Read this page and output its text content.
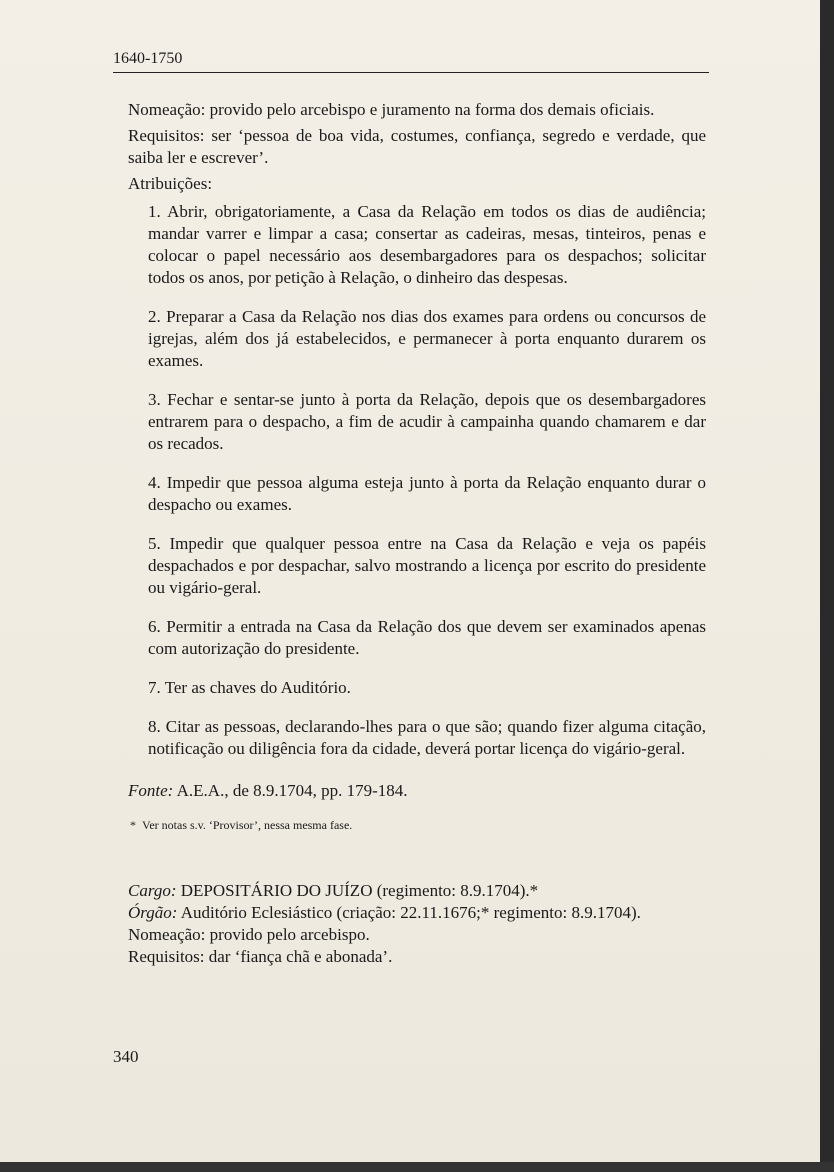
1640-1750

Nomeação: provido pelo arcebispo e juramento na forma dos demais oficiais.

Requisitos: ser ‘pessoa de boa vida, costumes, confiança, segredo e verdade, que saiba ler e escrever’.

Atribuições:

1. Abrir, obrigatoriamente, a Casa da Relação em todos os dias de audiência; mandar varrer e limpar a casa; consertar as cadeiras, mesas, tinteiros, penas e colocar o papel necessário aos desembargadores para os despachos; solicitar todos os anos, por petição à Relação, o dinheiro das despesas.

2. Preparar a Casa da Relação nos dias dos exames para ordens ou concursos de igrejas, além dos já estabelecidos, e permanecer à porta enquanto durarem os exames.

3. Fechar e sentar-se junto à porta da Relação, depois que os desembargadores entrarem para o despacho, a fim de acudir à campainha quando chamarem e dar os recados.

4. Impedir que pessoa alguma esteja junto à porta da Relação enquanto durar o despacho ou exames.

5. Impedir que qualquer pessoa entre na Casa da Relação e veja os papéis despachados e por despachar, salvo mostrando a licença por escrito do presidente ou vigário-geral.

6. Permitir a entrada na Casa da Relação dos que devem ser examinados apenas com autorização do presidente.

7. Ter as chaves do Auditório.

8. Citar as pessoas, declarando-lhes para o que são; quando fizer alguma citação, notificação ou diligência fora da cidade, deverá portar licença do vigário-geral.

Fonte: A.E.A., de 8.9.1704, pp. 179-184.

* Ver notas s.v. ‘Provisor’, nessa mesma fase.

Cargo: DEPOSITÁRIO DO JUÍZO (regimento: 8.9.1704).*

Órgão: Auditório Eclesiástico (criação: 22.11.1676;* regimento: 8.9.1704).

Nomeação: provido pelo arcebispo.

Requisitos: dar ‘fiança chã e abonada’.

340
